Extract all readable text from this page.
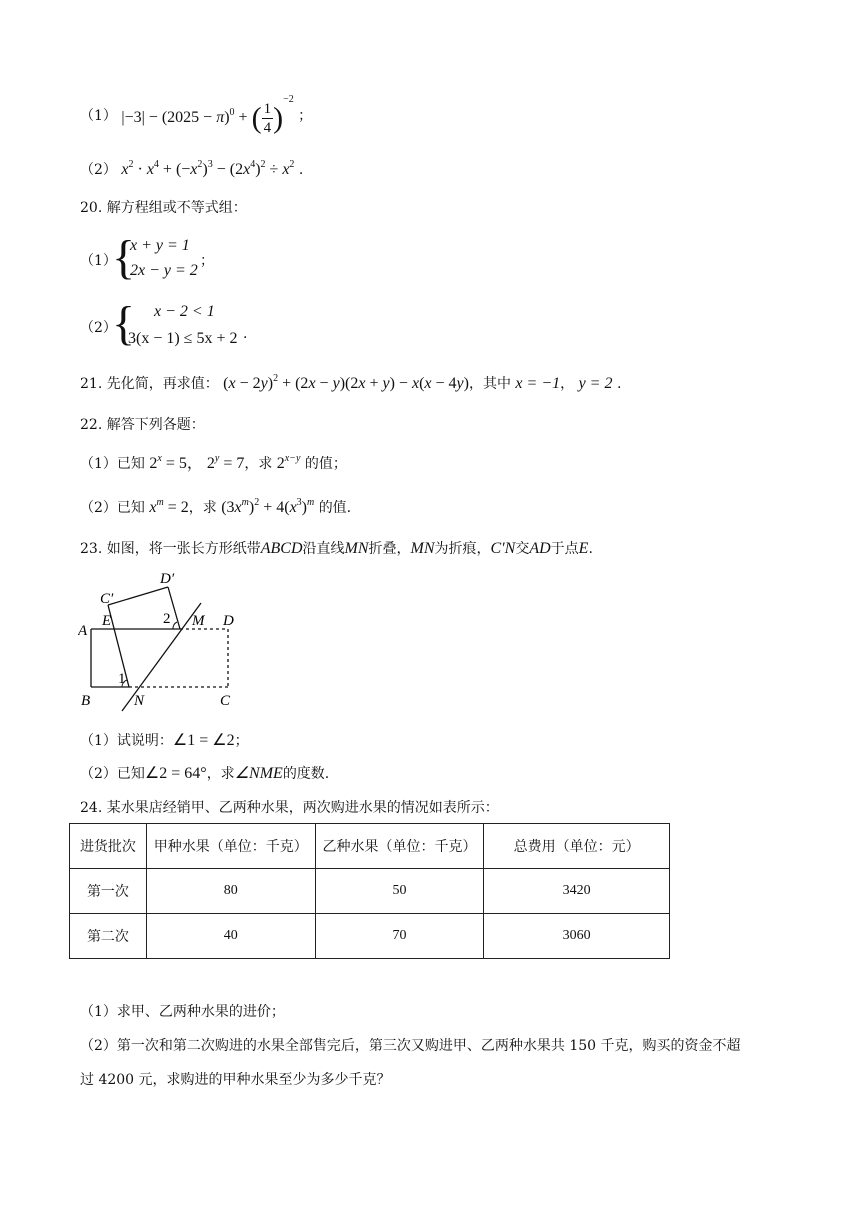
（1） $|-3| - (2025 - \pi)^0$ + ( $\frac{1}{4} )^{-2}$ ；
（2） $x^2 \cdot x^4 + (-x^2)^3 - (2x^4)^2 \div x^2$ .
20. 解方程组或不等式组：
（1）
{
x + y = 1
2x − y = 2
；
（2）
{ x − 2 < 1
3(x − 1) ≤ 5x + 2 .
21. 先化简，再求值： $(x - 2y)^2 + (2x - y)(2x + y) - x(x - 4y)$，其中 x = −1， y = 2 .
22. 解答下列各题：
（1）已知 $2^x = 5$， $2^y = 7$，求 $2^{x-y}$ 的值；
（2）已知 $x^m = 2$，求 $(3x^m)^2 + 4(x^3)^m$ 的值.
23. 如图，将一张长方形纸带ABCD沿直线MN折叠，MN为折痕，C′N交AD于点E.
A
B	N	C
D
M
E
C′
D′
1
2
（1）试说明：∠1 = ∠2；
（2）已知∠2 = 64°，求∠NME的度数.
24. 某水果店经销甲、乙两种水果，两次购进水果的情况如表所示：
进货批次	甲种水果（单位：千克）	乙种水果（单位：千克）	总费用（单位：元）
第一次	80	50	3420
第二次	40	70	3060
（1）求甲、乙两种水果的进价；
（2）第一次和第二次购进的水果全部售完后，第三次又购进甲、乙两种水果共 150 千克，购买的资金不超
过 4200 元，求购进的甲种水果至少为多少千克？
